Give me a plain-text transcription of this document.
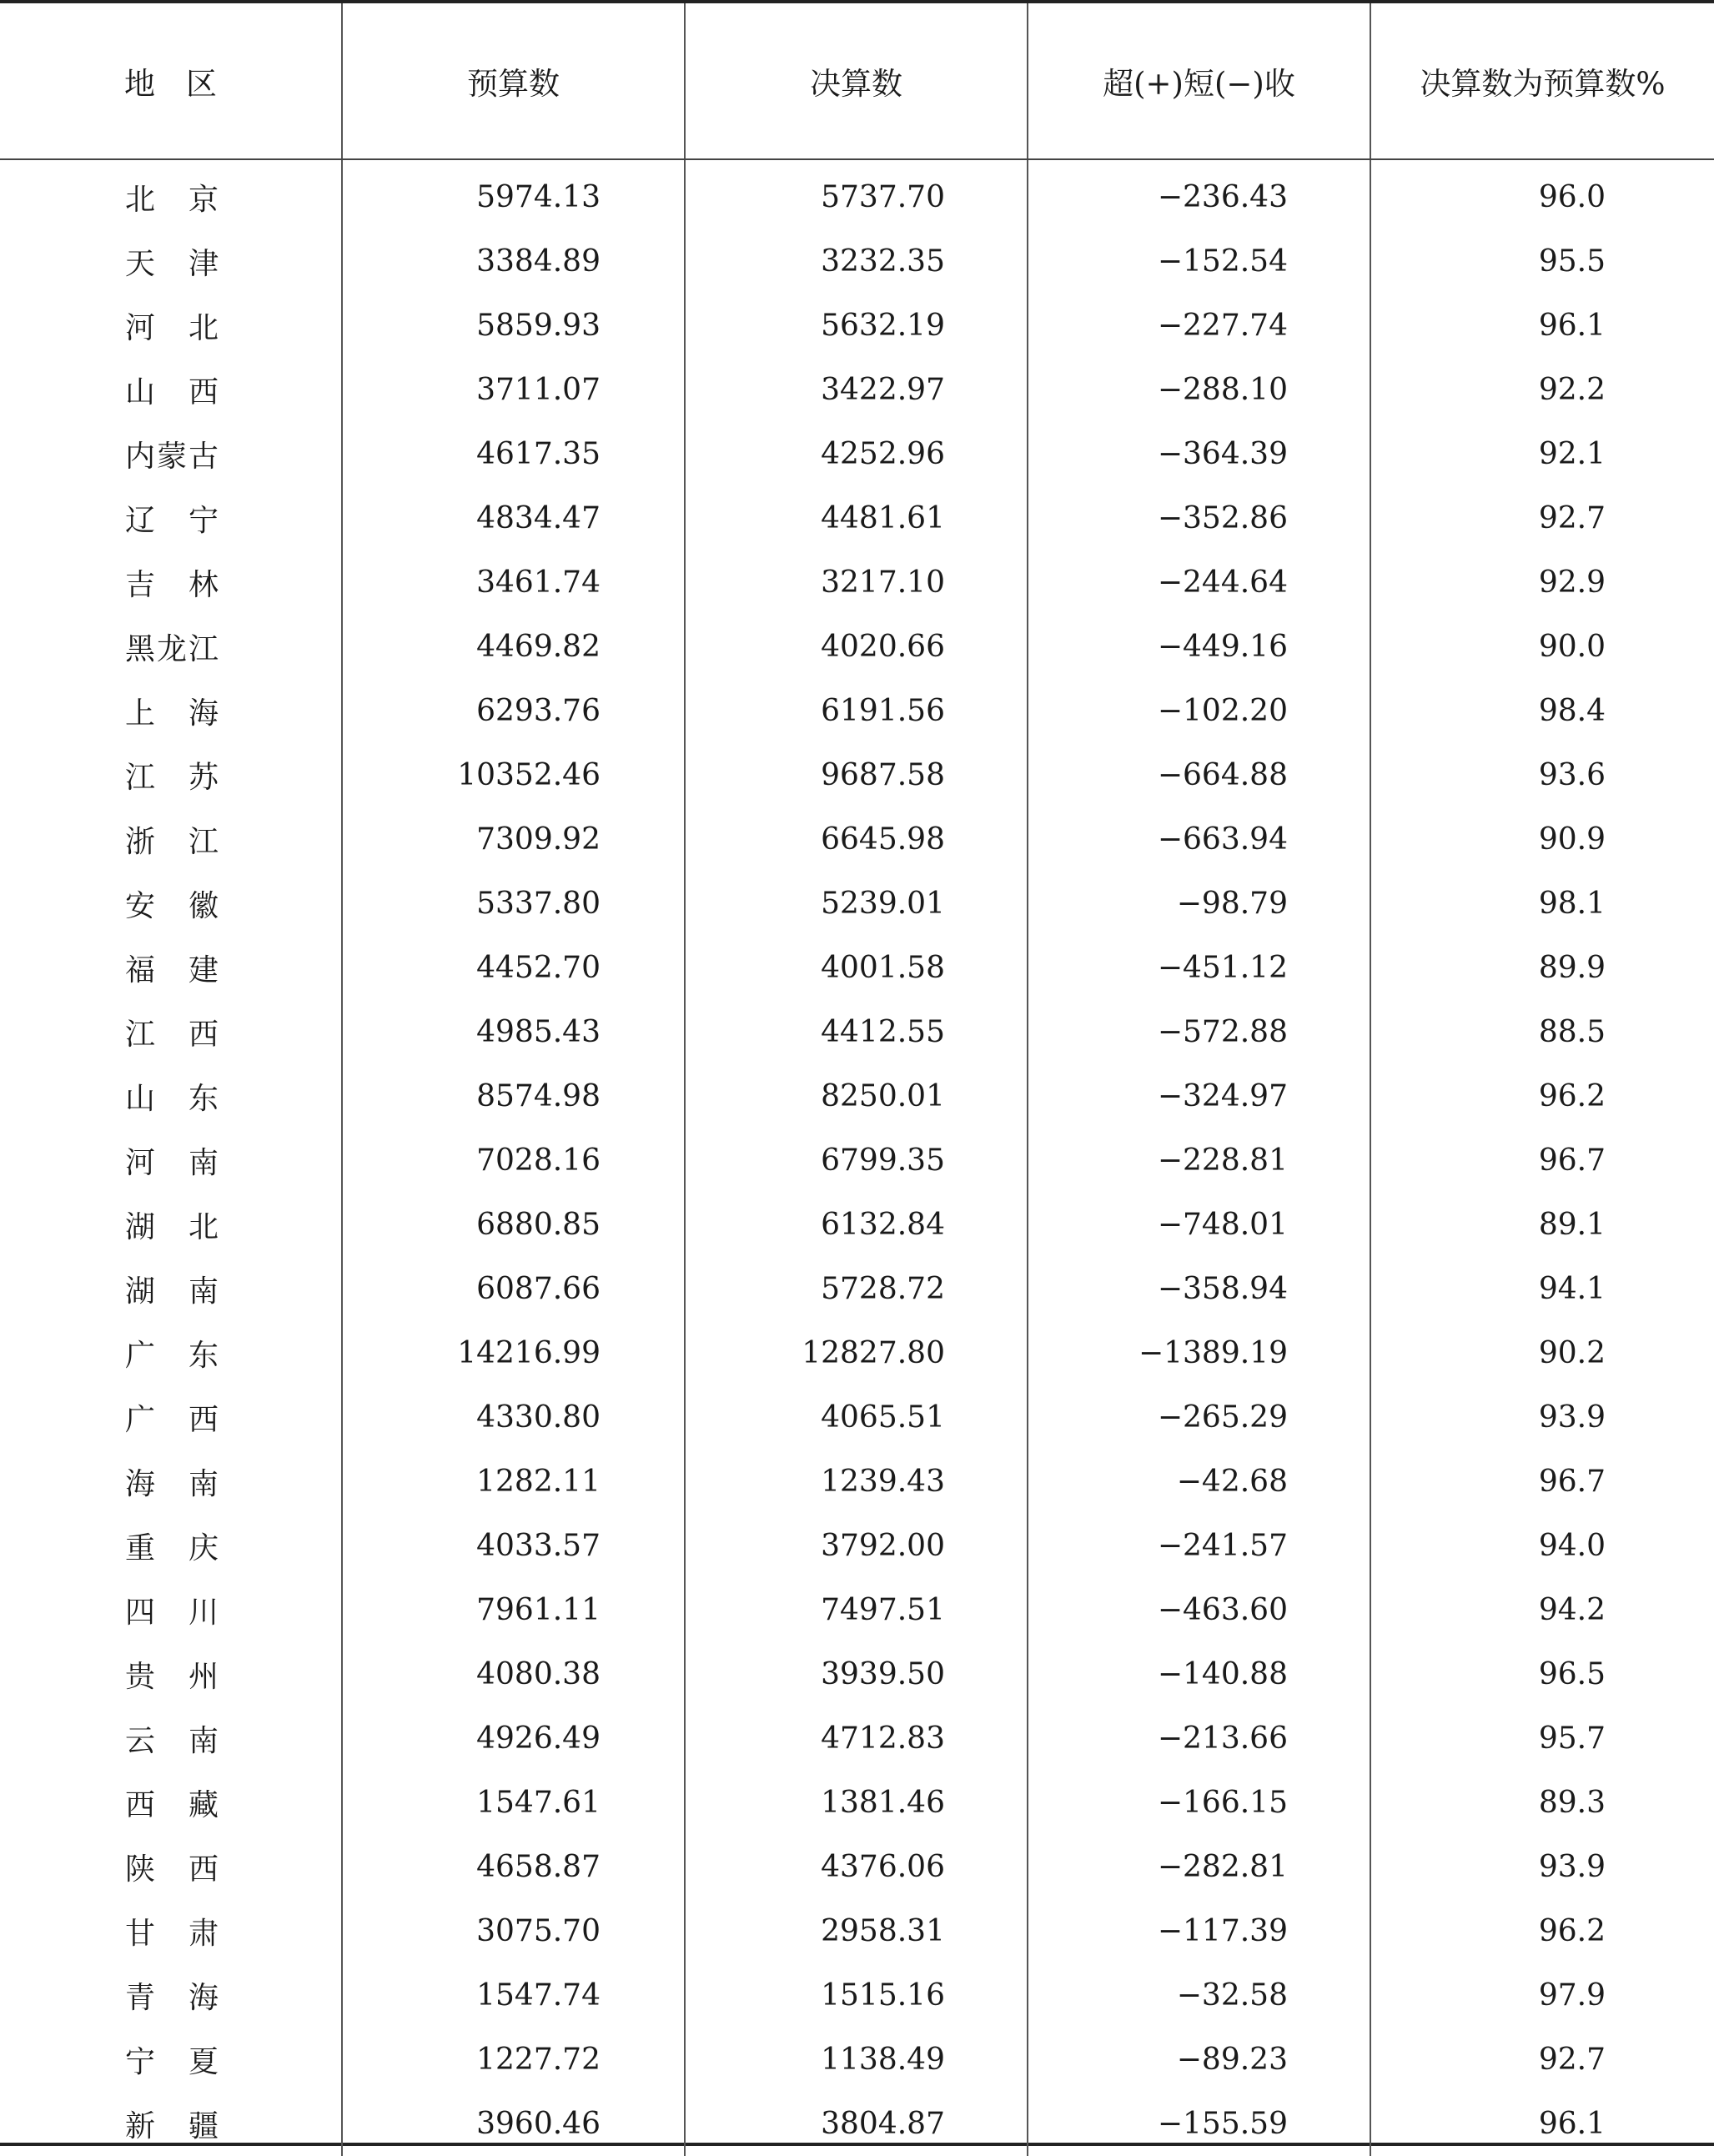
地　区	预算数	决算数	超(+)短(−)收	决算数为预算数%
北　京	5974.13	5737.70	−236.43	96.0
天　津	3384.89	3232.35	−152.54	95.5
河　北	5859.93	5632.19	−227.74	96.1
山　西	3711.07	3422.97	−288.10	92.2
内蒙古	4617.35	4252.96	−364.39	92.1
辽　宁	4834.47	4481.61	−352.86	92.7
吉　林	3461.74	3217.10	−244.64	92.9
黑龙江	4469.82	4020.66	−449.16	90.0
上　海	6293.76	6191.56	−102.20	98.4
江　苏	10352.46	9687.58	−664.88	93.6
浙　江	7309.92	6645.98	−663.94	90.9
安　徽	5337.80	5239.01	−98.79	98.1
福　建	4452.70	4001.58	−451.12	89.9
江　西	4985.43	4412.55	−572.88	88.5
山　东	8574.98	8250.01	−324.97	96.2
河　南	7028.16	6799.35	−228.81	96.7
湖　北	6880.85	6132.84	−748.01	89.1
湖　南	6087.66	5728.72	−358.94	94.1
广　东	14216.99	12827.80	−1389.19	90.2
广　西	4330.80	4065.51	−265.29	93.9
海　南	1282.11	1239.43	−42.68	96.7
重　庆	4033.57	3792.00	−241.57	94.0
四　川	7961.11	7497.51	−463.60	94.2
贵　州	4080.38	3939.50	−140.88	96.5
云　南	4926.49	4712.83	−213.66	95.7
西　藏	1547.61	1381.46	−166.15	89.3
陕　西	4658.87	4376.06	−282.81	93.9
甘　肃	3075.70	2958.31	−117.39	96.2
青　海	1547.74	1515.16	−32.58	97.9
宁　夏	1227.72	1138.49	−89.23	92.7
新　疆	3960.46	3804.87	−155.59	96.1
